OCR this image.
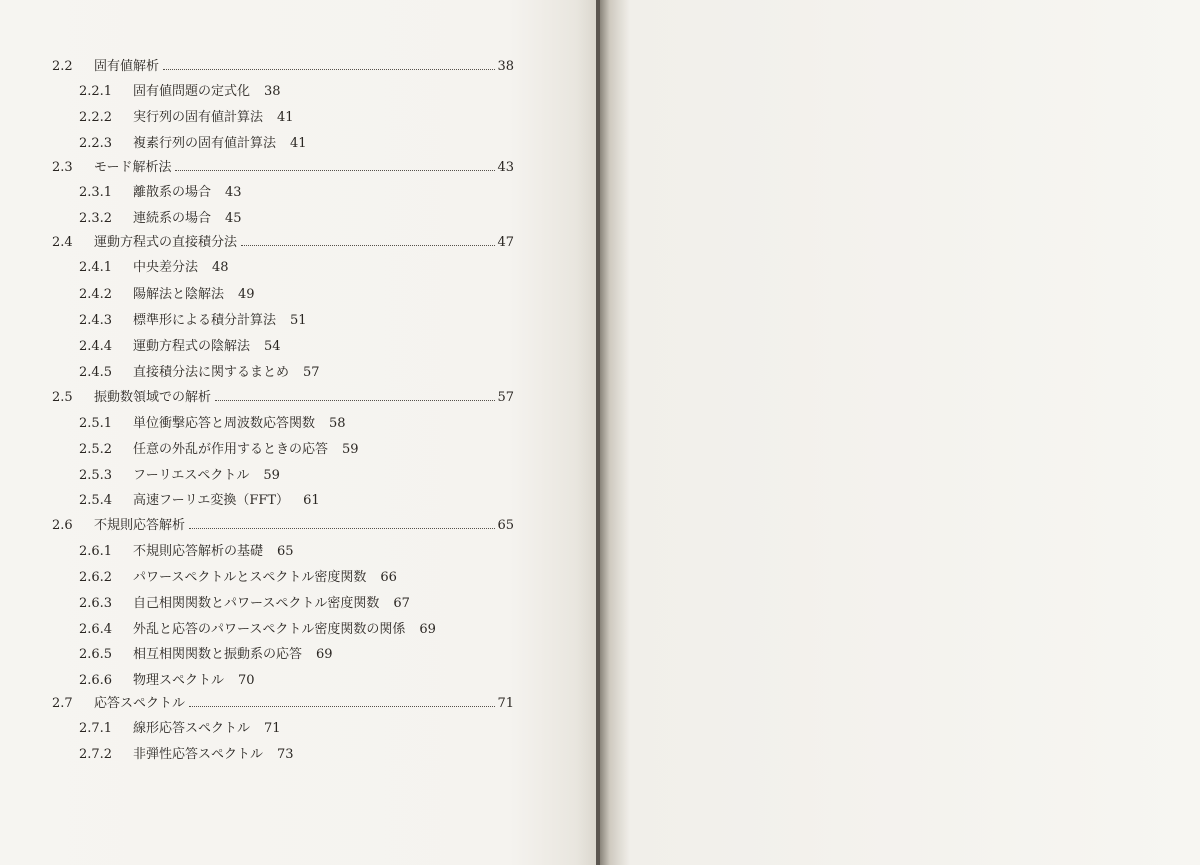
2.2	固有値解析	38
2.2.1	固有値問題の定式化 38
2.2.2	実行列の固有値計算法 41
2.2.3	複素行列の固有値計算法 41
2.3	モード解析法	43
2.3.1	離散系の場合 43
2.3.2	連続系の場合 45
2.4	運動方程式の直接積分法	47
2.4.1	中央差分法 48
2.4.2	陽解法と陰解法 49
2.4.3	標準形による積分計算法 51
2.4.4	運動方程式の陰解法 54
2.4.5	直接積分法に関するまとめ 57
2.5	振動数領域での解析	57
2.5.1	単位衝撃応答と周波数応答関数 58
2.5.2	任意の外乱が作用するときの応答 59
2.5.3	フーリエスペクトル 59
2.5.4	高速フーリエ変換（FFT） 61
2.6	不規則応答解析	65
2.6.1	不規則応答解析の基礎 65
2.6.2	パワースペクトルとスペクトル密度関数 66
2.6.3	自己相関関数とパワースペクトル密度関数 67
2.6.4	外乱と応答のパワースペクトル密度関数の関係 69
2.6.5	相互相関関数と振動系の応答 69
2.6.6	物理スペクトル 70
2.7	応答スペクトル	71
2.7.1	線形応答スペクトル 71
2.7.2	非弾性応答スペクトル 73
